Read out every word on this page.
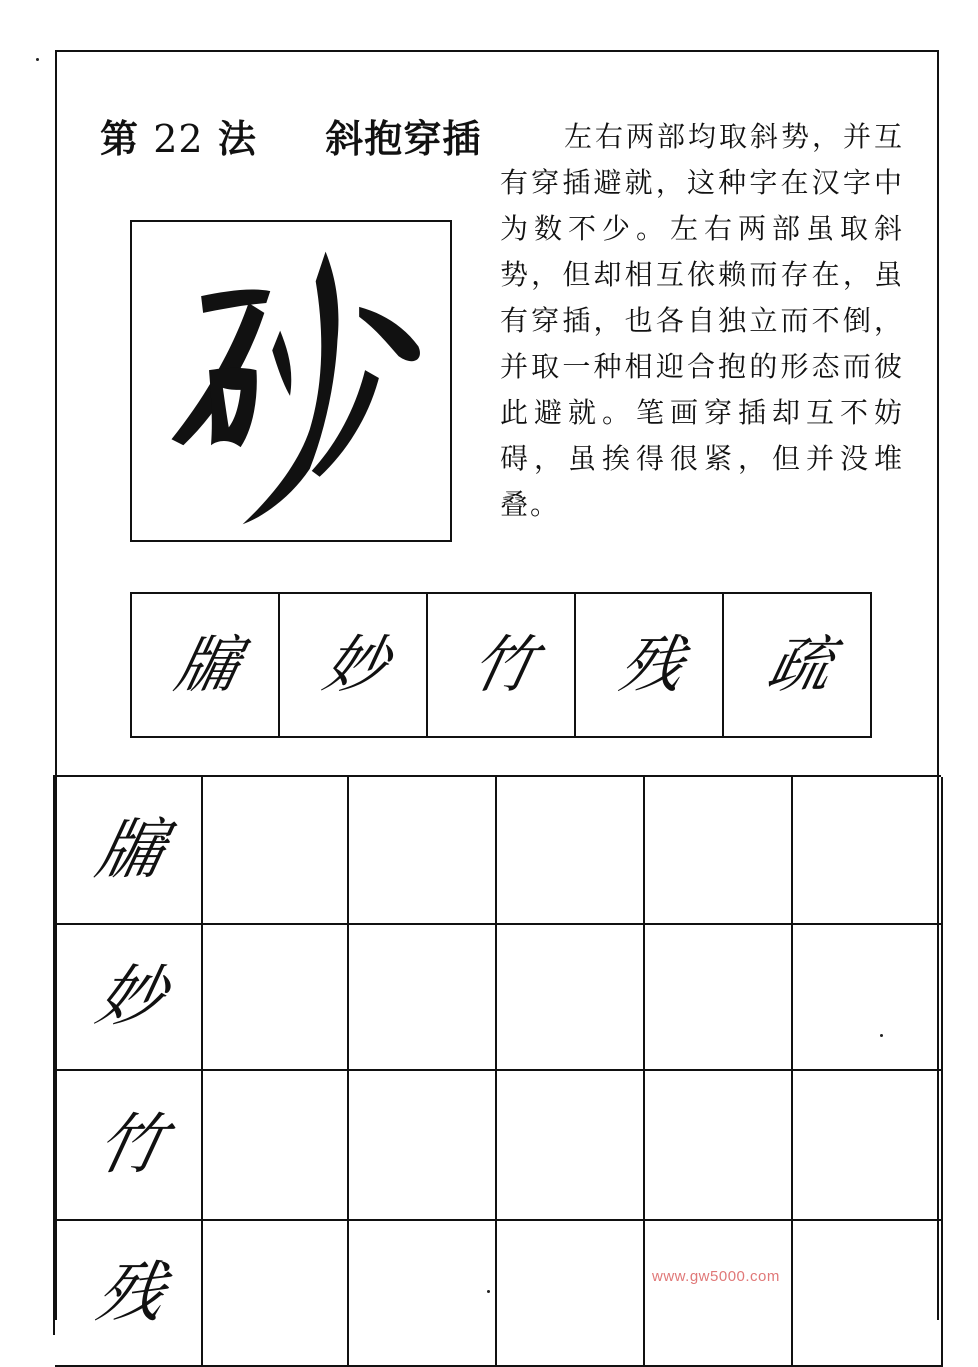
第 22 法 斜抱穿插	左右两部均取斜势，并互有穿插避就，这种字在汉字中为数不少。左右两部虽取斜势，但却相互依赖而存在，虽有穿插，也各自独立而不倒，并取一种相迎合抱的形态而彼此避就。笔画穿插却互不妨碍，虽挨得很紧，但并没堆叠。

牖 妙 竹 残 疏
牖
妙
竹
残	www.gw5000.com
